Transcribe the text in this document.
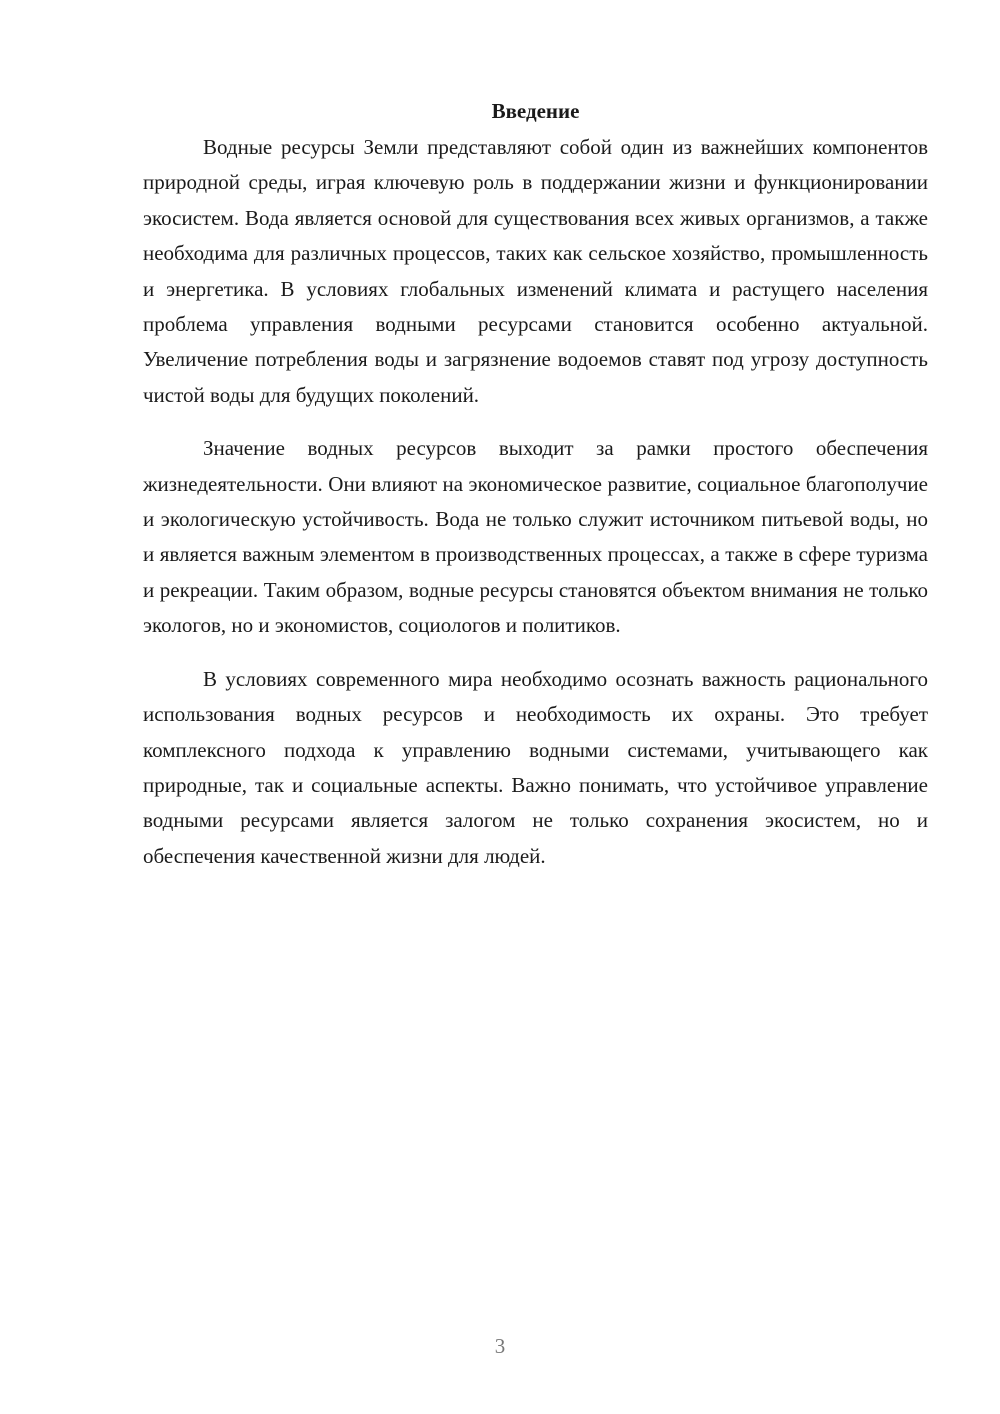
Введение

Водные ресурсы Земли представляют собой один из важнейших компонентов природной среды, играя ключевую роль в поддержании жизни и функционировании экосистем. Вода является основой для существования всех живых организмов, а также необходима для различных процессов, таких как сельское хозяйство, промышленность и энергетика. В условиях глобальных изменений климата и растущего населения проблема управления водными ресурсами становится особенно актуальной. Увеличение потребления воды и загрязнение водоемов ставят под угрозу доступность чистой воды для будущих поколений.

Значение водных ресурсов выходит за рамки простого обеспечения жизнедеятельности. Они влияют на экономическое развитие, социальное благополучие и экологическую устойчивость. Вода не только служит источником питьевой воды, но и является важным элементом в производственных процессах, а также в сфере туризма и рекреации. Таким образом, водные ресурсы становятся объектом внимания не только экологов, но и экономистов, социологов и политиков.

В условиях современного мира необходимо осознать важность рационального использования водных ресурсов и необходимость их охраны. Это требует комплексного подхода к управлению водными системами, учитывающего как природные, так и социальные аспекты. Важно понимать, что устойчивое управление водными ресурсами является залогом не только сохранения экосистем, но и обеспечения качественной жизни для людей.

3
